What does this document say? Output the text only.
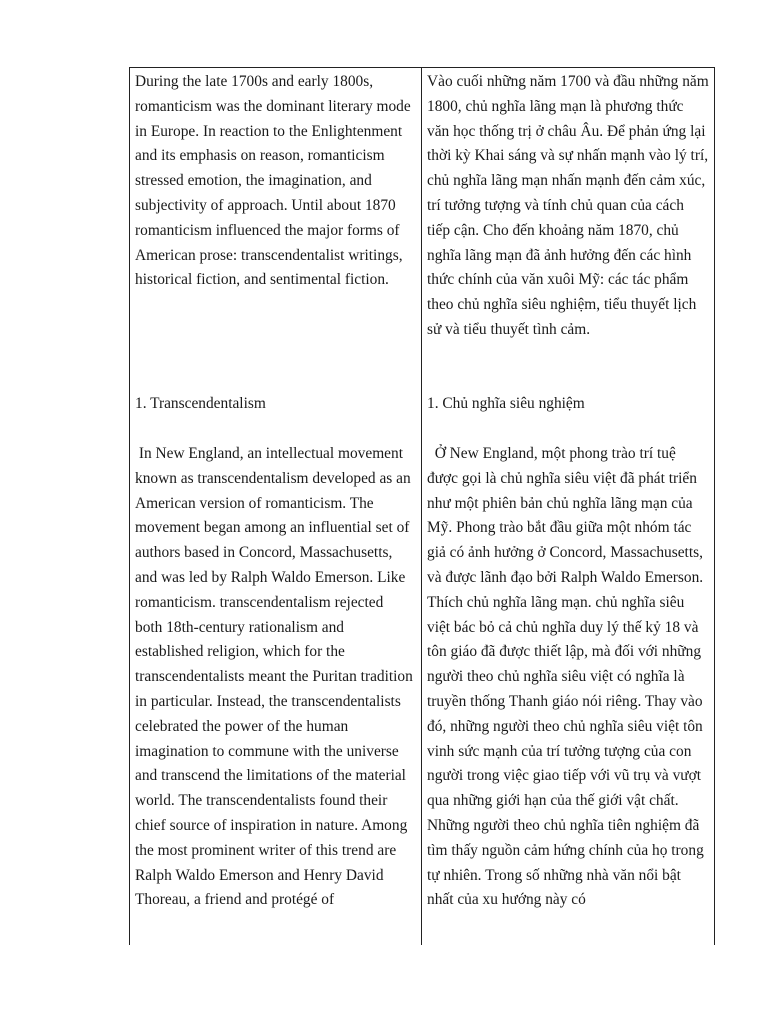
During the late 1700s and early 1800s, romanticism was the dominant literary mode in Europe. In reaction to the Enlightenment and its emphasis on reason, romanticism stressed emotion, the imagination, and subjectivity of approach. Until about 1870 romanticism influenced the major forms of American prose: transcendentalist writings, historical fiction, and sentimental fiction.

1. Transcendentalism

In New England, an intellectual movement known as transcendentalism developed as an American version of romanticism. The movement began among an influential set of authors based in Concord, Massachusetts, and was led by Ralph Waldo Emerson. Like romanticism. transcendentalism rejected both 18th-century rationalism and established religion, which for the transcendentalists meant the Puritan tradition in particular. Instead, the transcendentalists celebrated the power of the human imagination to commune with the universe and transcend the limitations of the material world. The transcendentalists found their chief source of inspiration in nature. Among the most prominent writer of this trend are Ralph Waldo Emerson and Henry David Thoreau, a friend and protégé of

Vào cuối những năm 1700 và đầu những năm 1800, chủ nghĩa lãng mạn là phương thức văn học thống trị ở châu Âu. Để phản ứng lại thời kỳ Khai sáng và sự nhấn mạnh vào lý trí, chủ nghĩa lãng mạn nhấn mạnh đến cảm xúc, trí tưởng tượng và tính chủ quan của cách tiếp cận. Cho đến khoảng năm 1870, chủ nghĩa lãng mạn đã ảnh hưởng đến các hình thức chính của văn xuôi Mỹ: các tác phẩm theo chủ nghĩa siêu nghiệm, tiểu thuyết lịch sử và tiểu thuyết tình cảm.

1. Chủ nghĩa siêu nghiệm

Ở New England, một phong trào trí tuệ được gọi là chủ nghĩa siêu việt đã phát triển như một phiên bản chủ nghĩa lãng mạn của Mỹ. Phong trào bắt đầu giữa một nhóm tác giả có ảnh hưởng ở Concord, Massachusetts, và được lãnh đạo bởi Ralph Waldo Emerson. Thích chủ nghĩa lãng mạn. chủ nghĩa siêu việt bác bỏ cả chủ nghĩa duy lý thế kỷ 18 và tôn giáo đã được thiết lập, mà đối với những người theo chủ nghĩa siêu việt có nghĩa là truyền thống Thanh giáo nói riêng. Thay vào đó, những người theo chủ nghĩa siêu việt tôn vinh sức mạnh của trí tưởng tượng của con người trong việc giao tiếp với vũ trụ và vượt qua những giới hạn của thế giới vật chất. Những người theo chủ nghĩa tiên nghiệm đã tìm thấy nguồn cảm hứng chính của họ trong tự nhiên. Trong số những nhà văn nổi bật nhất của xu hướng này có
